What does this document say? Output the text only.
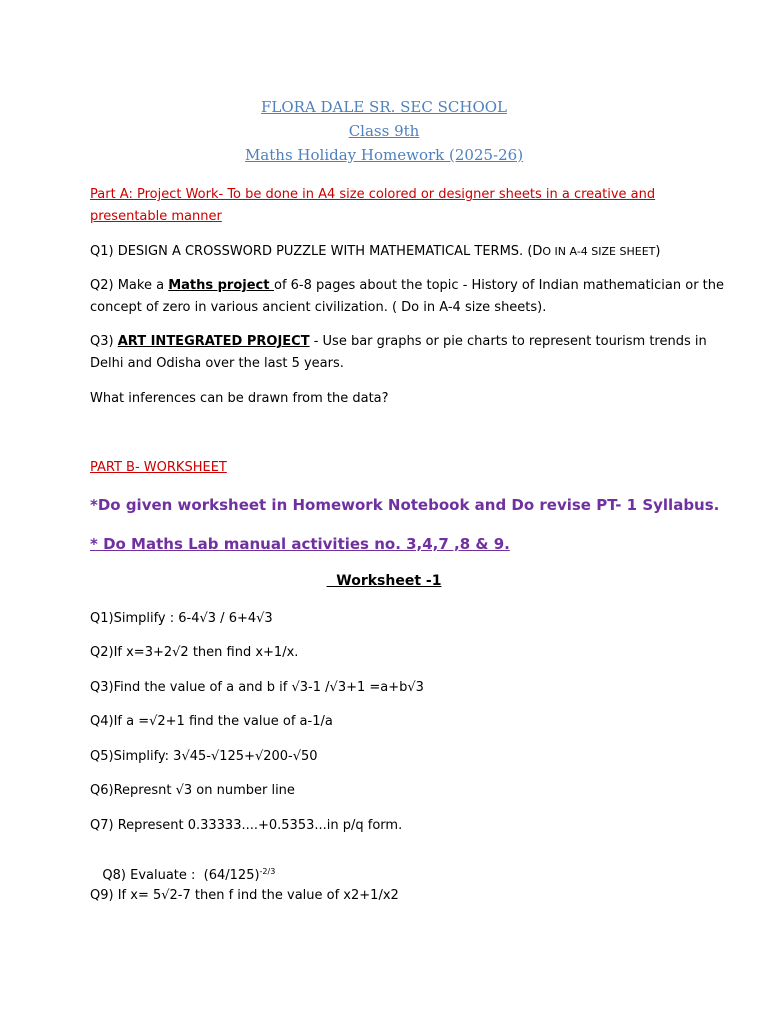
FLORA DALE SR. SEC SCHOOL
Class 9th
Maths Holiday Homework (2025-26)
Part A: Project Work- To be done in A4 size colored or designer sheets in a creative and
presentable manner
Q1) DESIGN A CROSSWORD PUZZLE WITH MATHEMATICAL TERMS. (DO IN A-4 SIZE SHEET)
Q2) Make a Maths project of 6-8 pages about the topic - History of Indian mathematician or the
concept of zero in various ancient civilization. ( Do in A-4 size sheets).
Q3) ART INTEGRATED PROJECT - Use bar graphs or pie charts to represent tourism trends in
Delhi and Odisha over the last 5 years.
What inferences can be drawn from the data?
PART B- WORKSHEET
*Do given worksheet in Homework Notebook and Do revise PT- 1 Syllabus.
* Do Maths Lab manual activities no. 3,4,7 ,8 & 9.
Worksheet -1
Q1)Simplify : 6-4√3 / 6+4√3
Q2)If x=3+2√2 then find x+1/x.
Q3)Find the value of a and b if √3-1 /√3+1 =a+b√3
Q4)If a =√2+1 find the value of a-1/a
Q5)Simplify: 3√45-√125+√200-√50
Q6)Represnt √3 on number line
Q7) Represent 0.33333....+0.5353...in p/q form.

Q8) Evaluate :  $(64/125)^{-2/3}$

Q9) If x= 5√2-7 then f ind the value of x2+1/x2
